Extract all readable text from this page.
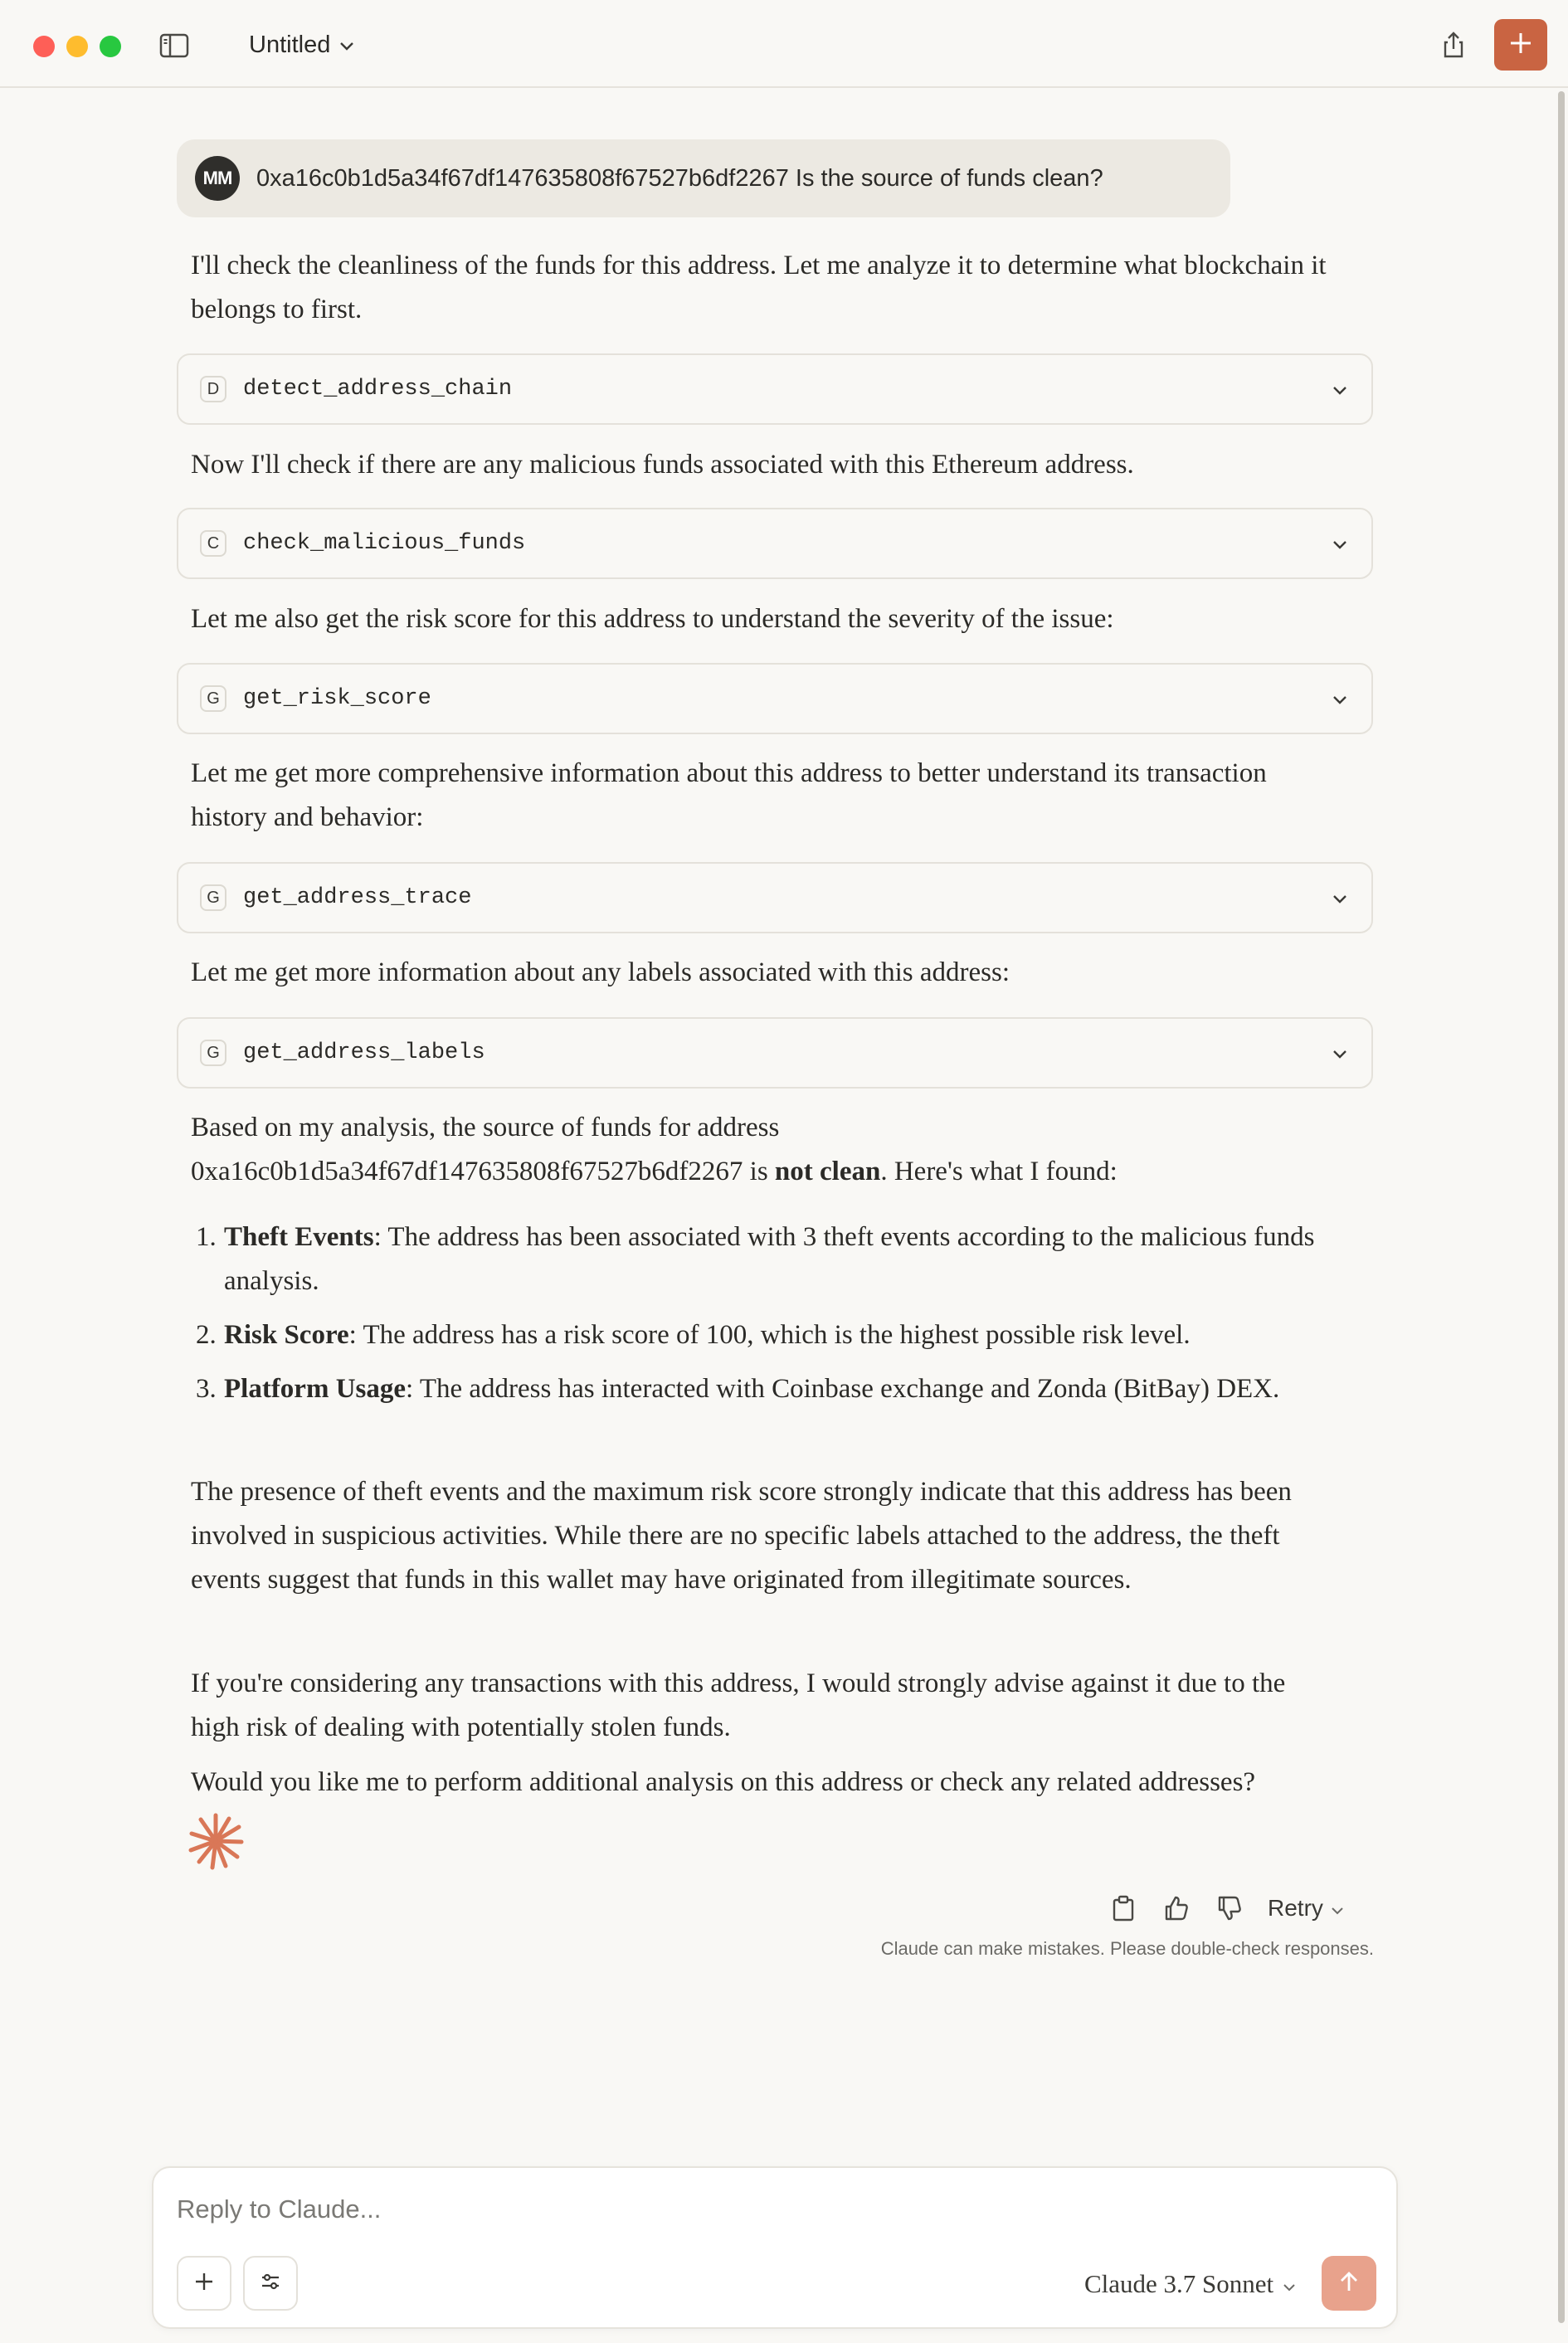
Untitled
MM	0xa16c0b1d5a34f67df147635808f67527b6df2267 Is the source of funds clean?
I'll check the cleanliness of the funds for this address. Let me analyze it to determine what blockchain it belongs to first.
D	detect_address_chain
Now I'll check if there are any malicious funds associated with this Ethereum address.
C	check_malicious_funds
Let me also get the risk score for this address to understand the severity of the issue:
G	get_risk_score
Let me get more comprehensive information about this address to better understand its transaction history and behavior:
G	get_address_trace
Let me get more information about any labels associated with this address:
G	get_address_labels
Based on my analysis, the source of funds for address
0xa16c0b1d5a34f67df147635808f67527b6df2267 is not clean. Here's what I found:
1. Theft Events: The address has been associated with 3 theft events according to the malicious funds analysis.
2. Risk Score: The address has a risk score of 100, which is the highest possible risk level.
3. Platform Usage: The address has interacted with Coinbase exchange and Zonda (BitBay) DEX.
The presence of theft events and the maximum risk score strongly indicate that this address has been involved in suspicious activities. While there are no specific labels attached to the address, the theft events suggest that funds in this wallet may have originated from illegitimate sources.
If you're considering any transactions with this address, I would strongly advise against it due to the high risk of dealing with potentially stolen funds.
Would you like me to perform additional analysis on this address or check any related addresses?
Retry
Claude can make mistakes. Please double-check responses.
Reply to Claude...
Claude 3.7 Sonnet
